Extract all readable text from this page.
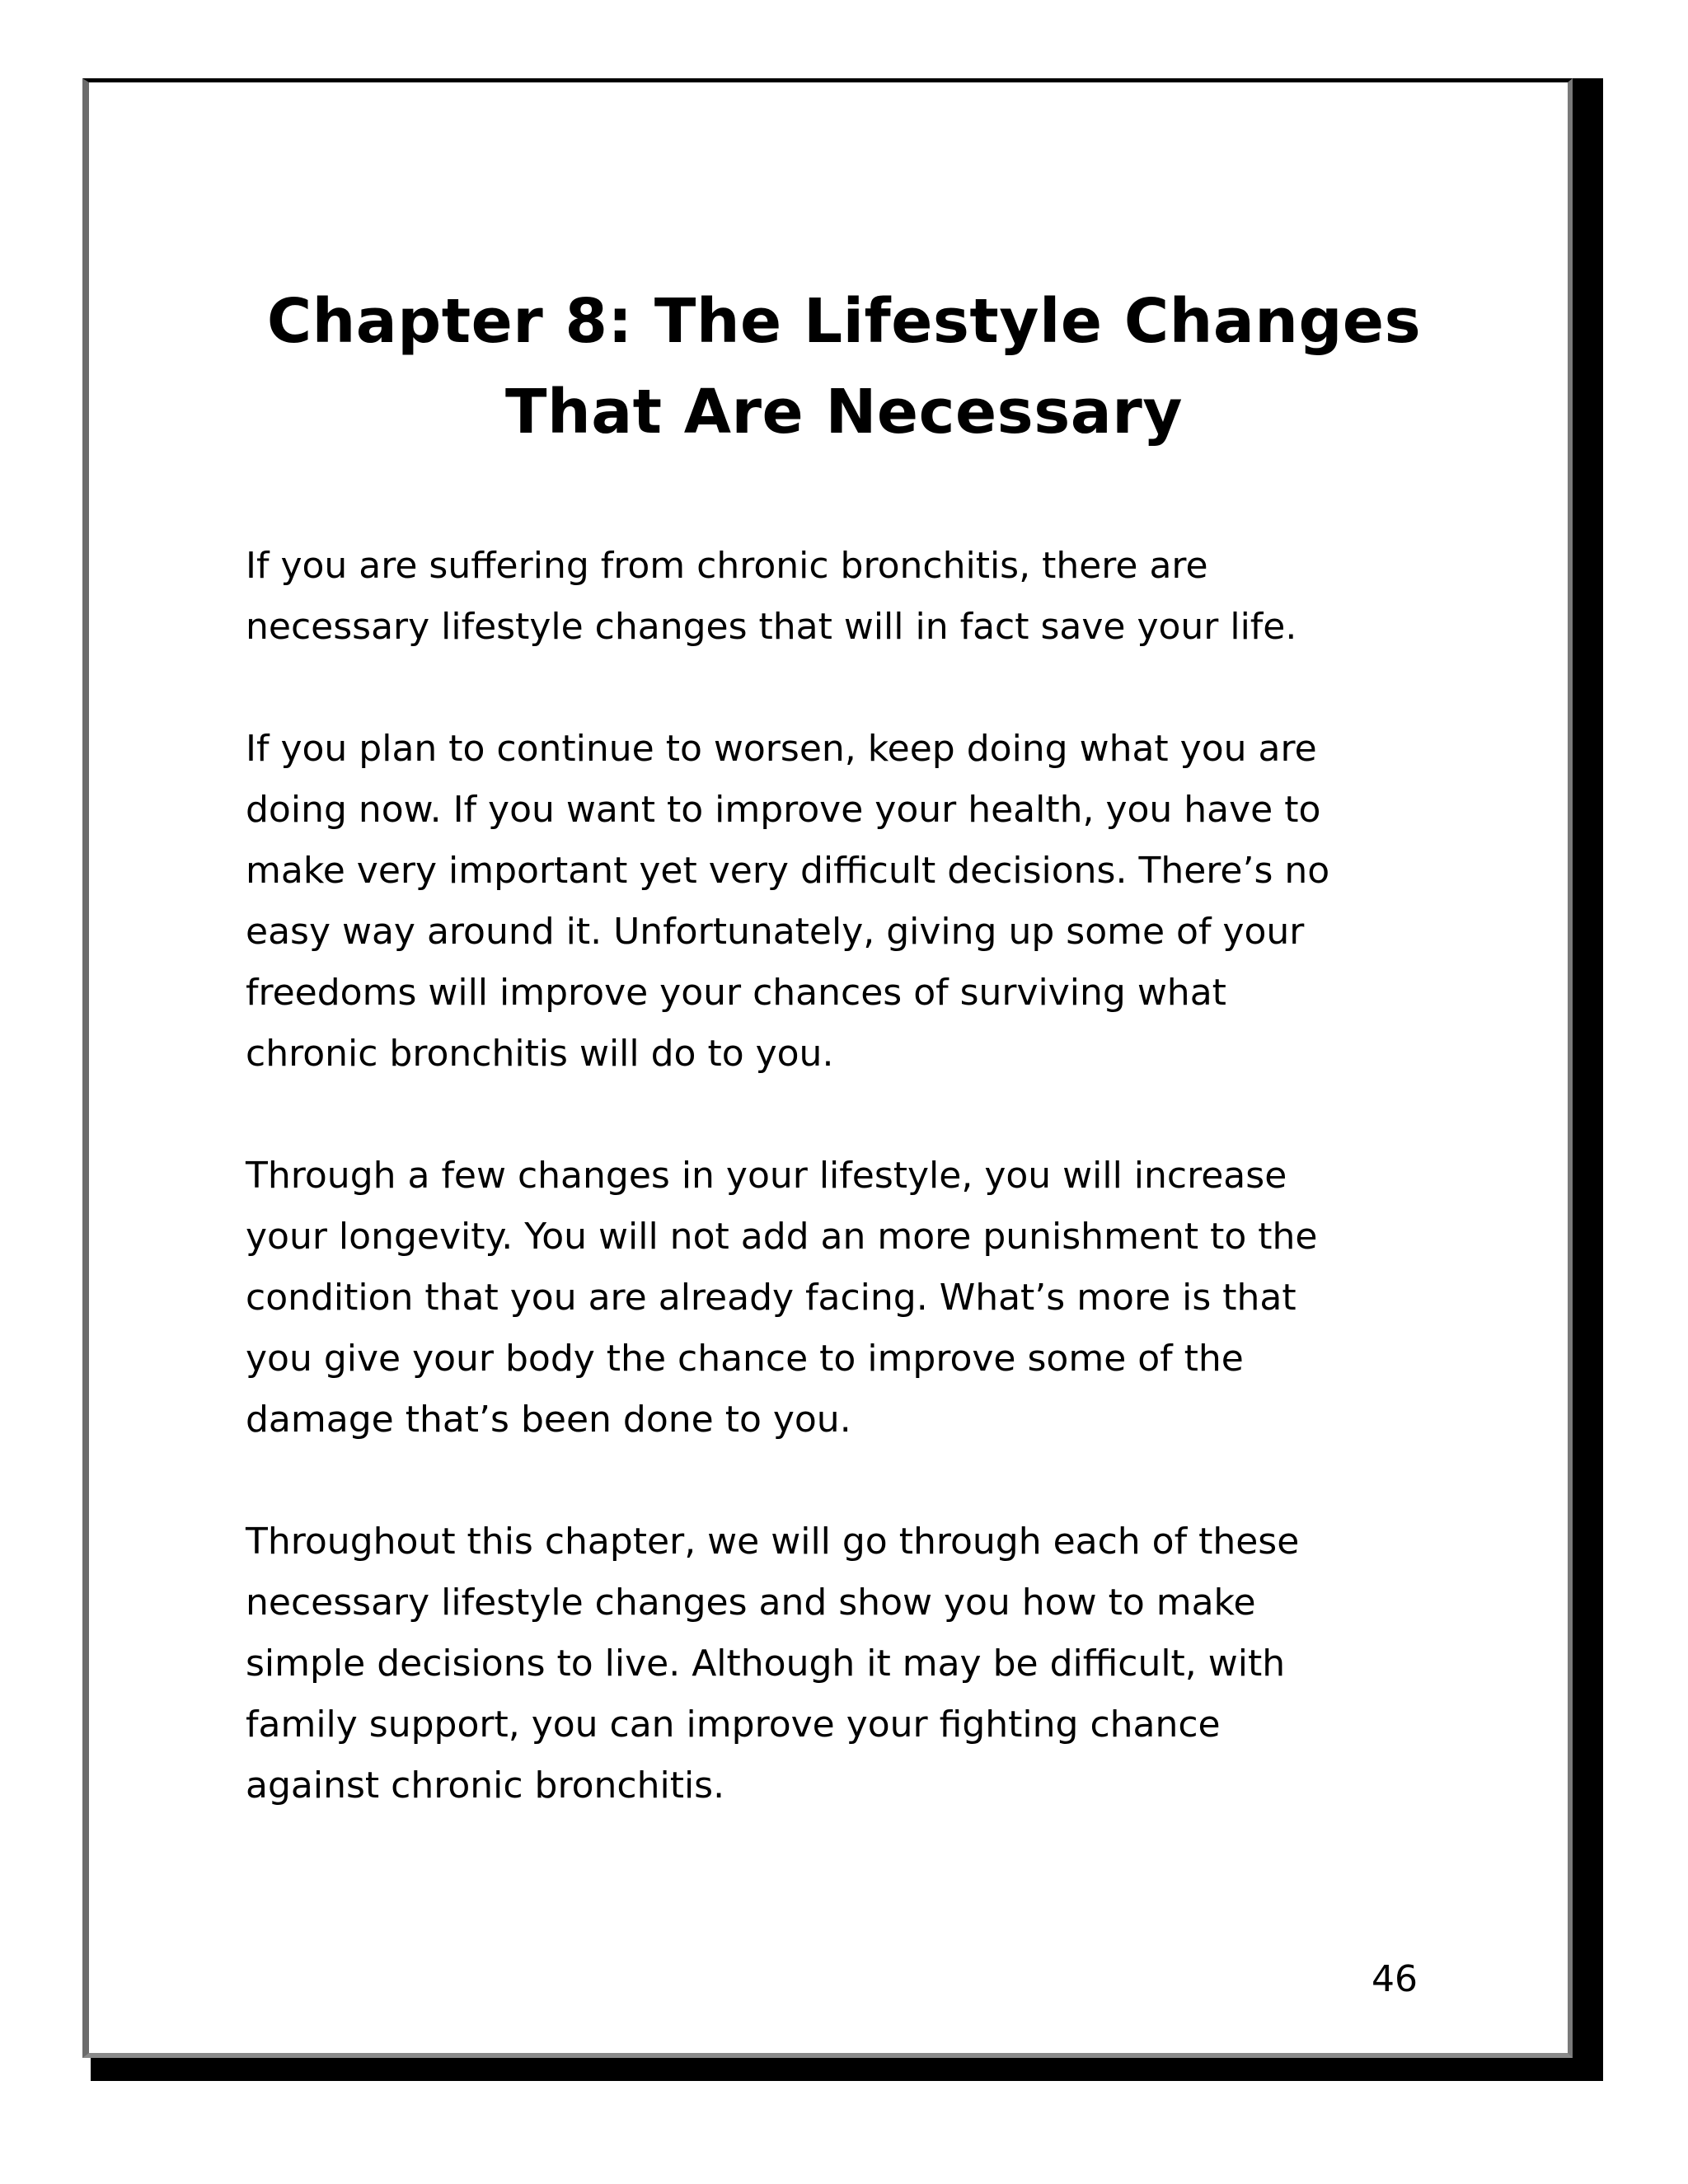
Chapter 8: The Lifestyle Changes
That Are Necessary

If you are suffering from chronic bronchitis, there are
necessary lifestyle changes that will in fact save your life.

If you plan to continue to worsen, keep doing what you are
doing now. If you want to improve your health, you have to
make very important yet very difficult decisions. There’s no
easy way around it. Unfortunately, giving up some of your
freedoms will improve your chances of surviving what
chronic bronchitis will do to you.

Through a few changes in your lifestyle, you will increase
your longevity. You will not add an more punishment to the
condition that you are already facing. What’s more is that
you give your body the chance to improve some of the
damage that’s been done to you.

Throughout this chapter, we will go through each of these
necessary lifestyle changes and show you how to make
simple decisions to live. Although it may be difficult, with
family support, you can improve your fighting chance
against chronic bronchitis.

46
